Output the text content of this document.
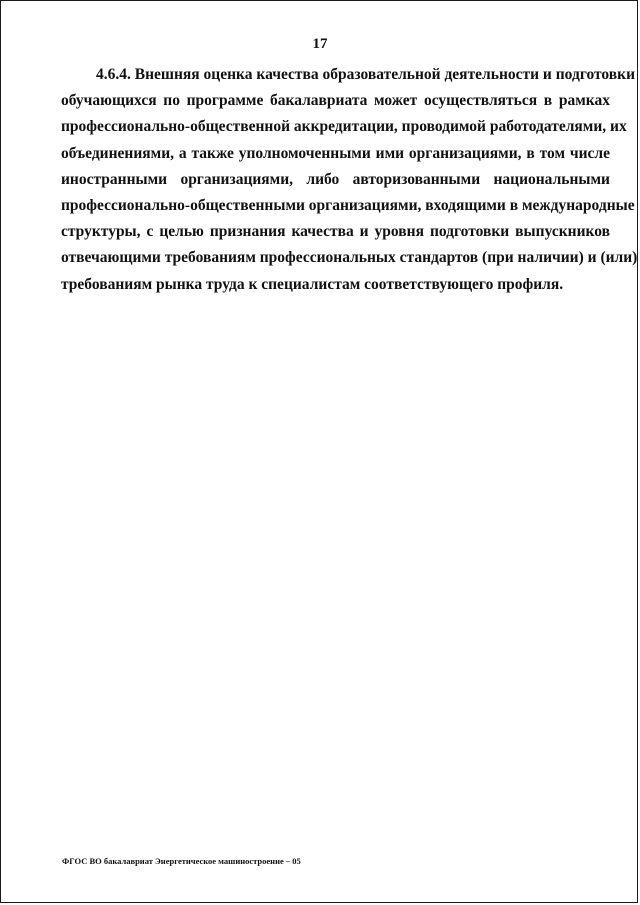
17
4.6.4. Внешняя оценка качества образовательной деятельности и подготовки
обучающихся по программе бакалавриата может осуществляться в рамках
профессионально-общественной аккредитации, проводимой работодателями, их
объединениями, а также уполномоченными ими организациями, в том числе
иностранными организациями, либо авторизованными национальными
профессионально-общественными организациями, входящими в международные
структуры, с целью признания качества и уровня подготовки выпускников
отвечающими требованиям профессиональных стандартов (при наличии) и (или)
требованиям рынка труда к специалистам соответствующего профиля.
ФГОС ВО бакалавриат Энергетическое машиностроение – 05
